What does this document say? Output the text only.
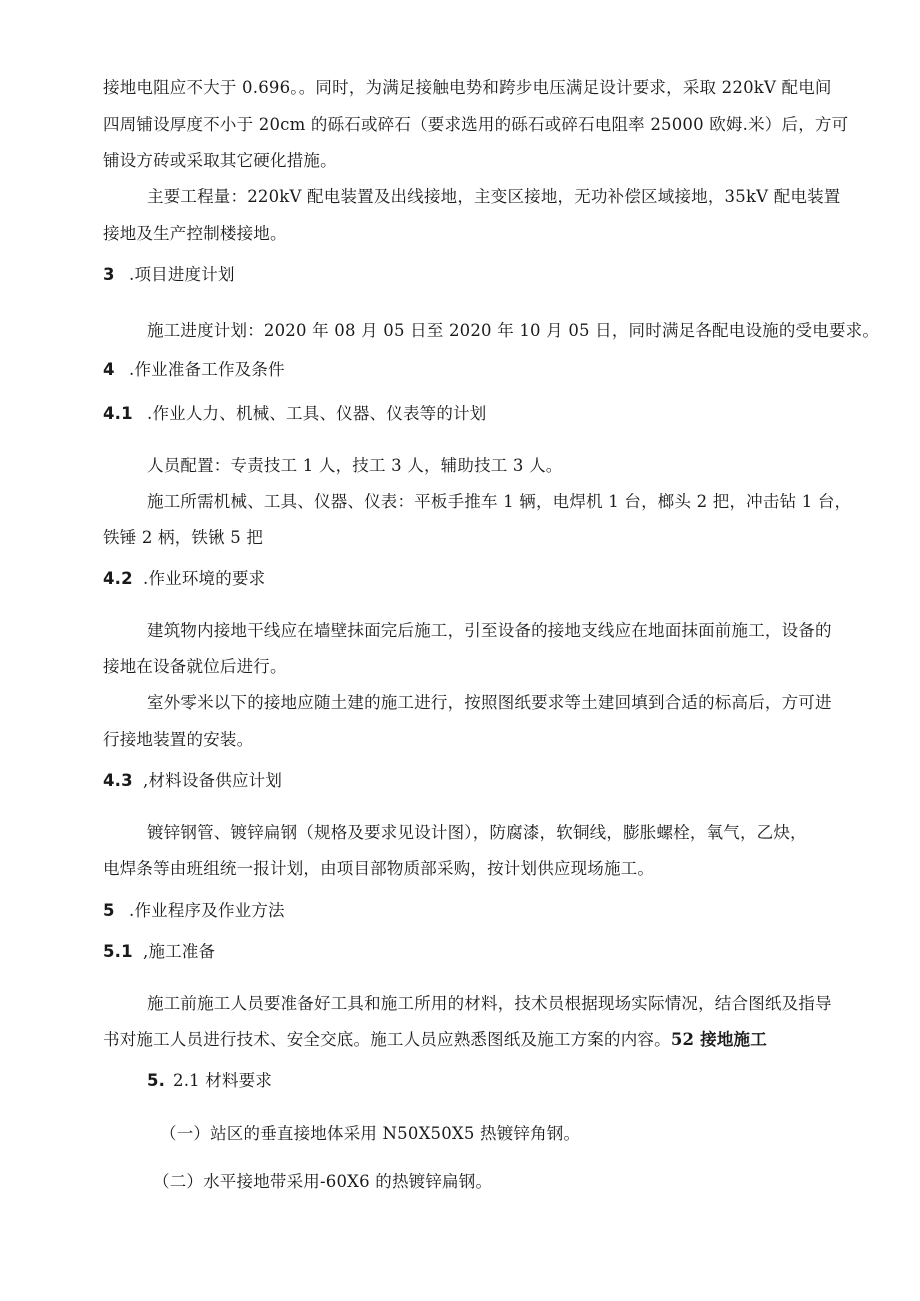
接地电阻应不大于 0.696。。同时，为满足接触电势和跨步电压满足设计要求，采取 220kV 配电间
四周铺设厚度不小于 20cm 的砾石或碎石（要求选用的砾石或碎石电阻率 25000 欧姆.米）后，方可
铺设方砖或采取其它硬化措施。
主要工程量：220kV 配电装置及出线接地，主变区接地，无功补偿区域接地，35kV 配电装置
接地及生产控制楼接地。
3 .项目进度计划
施工进度计划：2020 年 08 月 05 日至 2020 年 10 月 05 日，同时满足各配电设施的受电要求。
4 .作业准备工作及条件
4.1 .作业人力、机械、工具、仪器、仪表等的计划
人员配置：专责技工 1 人，技工 3 人，辅助技工 3 人。
施工所需机械、工具、仪器、仪表：平板手推车 1 辆，电焊机 1 台，榔头 2 把，冲击钻 1 台，
铁锤 2 柄，铁锹 5 把
4.2 .作业环境的要求
建筑物内接地干线应在墙壁抹面完后施工，引至设备的接地支线应在地面抹面前施工，设备的
接地在设备就位后进行。
室外零米以下的接地应随土建的施工进行，按照图纸要求等土建回填到合适的标高后，方可进
行接地装置的安装。
4.3 ,材料设备供应计划
镀锌钢管、镀锌扁钢（规格及要求见设计图），防腐漆，软铜线，膨胀螺栓，氧气，乙炔，
电焊条等由班组统一报计划，由项目部物质部采购，按计划供应现场施工。
5 .作业程序及作业方法
5.1 ,施工准备
施工前施工人员要准备好工具和施工所用的材料，技术员根据现场实际情况，结合图纸及指导
书对施工人员进行技术、安全交底。施工人员应熟悉图纸及施工方案的内容。52 接地施工
5. 2.1 材料要求
（一）站区的垂直接地体采用 N50X50X5 热镀锌角钢。
（二）水平接地带采用-60X6 的热镀锌扁钢。
